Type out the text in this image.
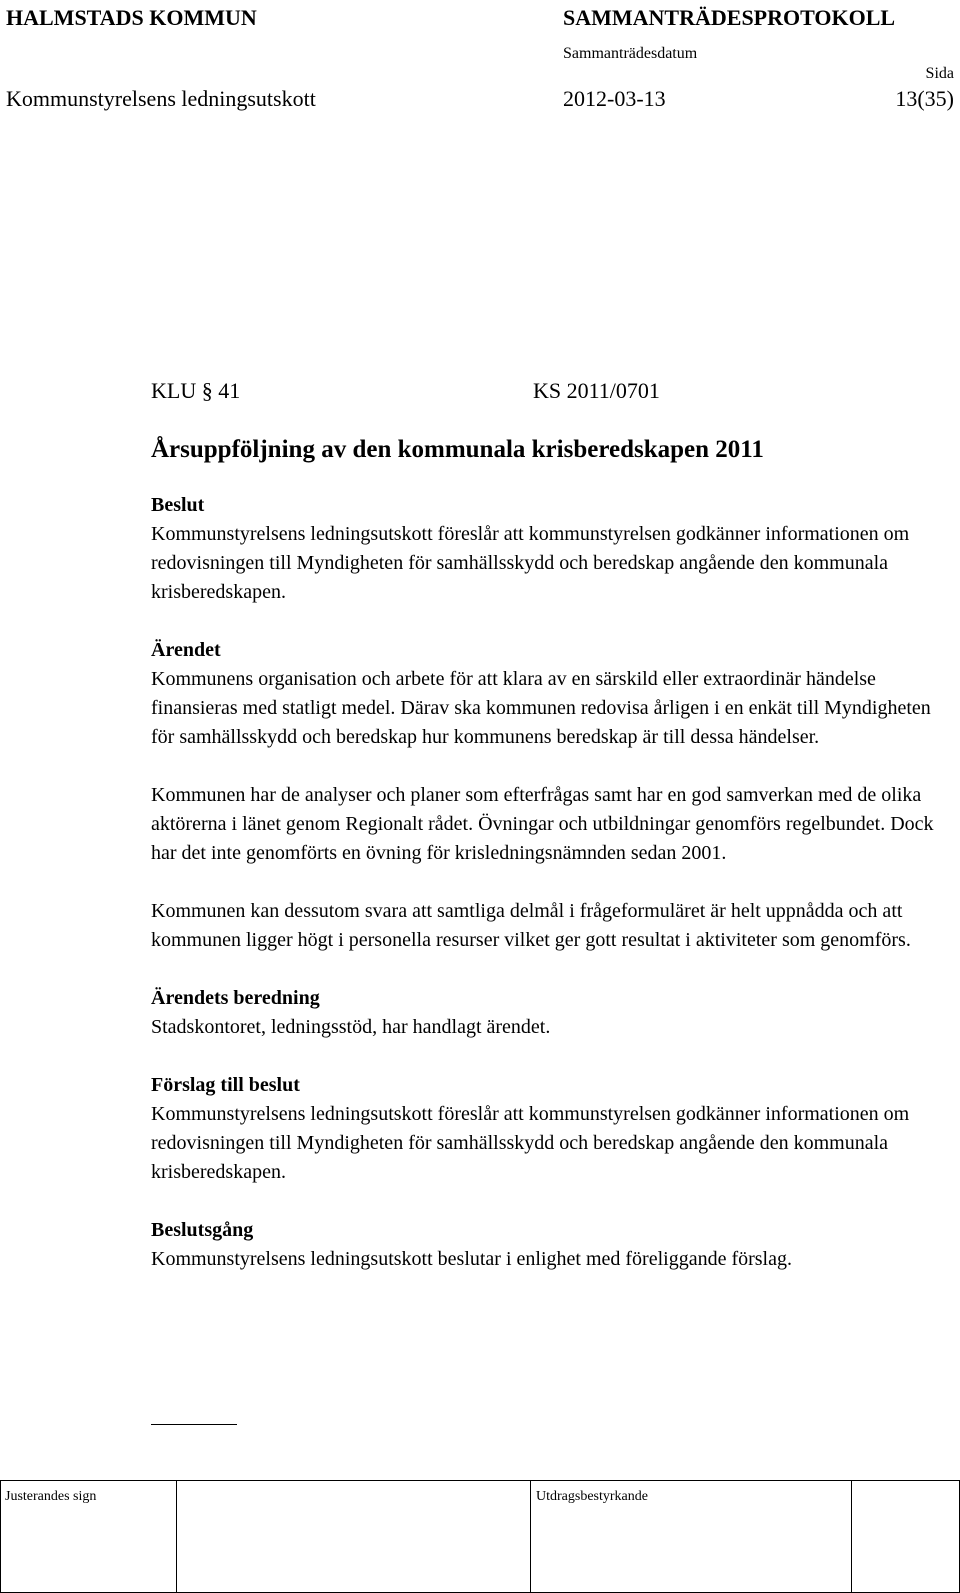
HALMSTADS KOMMUN	SAMMANTRÄDESPROTOKOLL
Sammanträdesdatum
Sida
Kommunstyrelsens ledningsutskott	2012-03-13	13(35)
KLU § 41	KS 2011/0701
Årsuppföljning av den kommunala krisberedskapen 2011
Beslut

Kommunstyrelsens ledningsutskott föreslår att kommunstyrelsen godkänner informationen om redovisningen till Myndigheten för samhällsskydd och beredskap angående den kommunala krisberedskapen.

Ärendet

Kommunens organisation och arbete för att klara av en särskild eller extraordinär händelse finansieras med statligt medel. Därav ska kommunen redovisa årligen i en enkät till Myndigheten för samhällsskydd och beredskap hur kommunens beredskap är till dessa händelser.

Kommunen har de analyser och planer som efterfrågas samt har en god samverkan med de olika aktörerna i länet genom Regionalt rådet. Övningar och utbildningar genomförs regelbundet. Dock har det inte genomförts en övning för krisledningsnämnden sedan 2001.

Kommunen kan dessutom svara att samtliga delmål i frågeformuläret är helt uppnådda och att kommunen ligger högt i personella resurser vilket ger gott resultat i aktiviteter som genomförs.

Ärendets beredning

Stadskontoret, ledningsstöd, har handlagt ärendet.

Förslag till beslut

Kommunstyrelsens ledningsutskott föreslår att kommunstyrelsen godkänner informationen om redovisningen till Myndigheten för samhällsskydd och beredskap angående den kommunala krisberedskapen.

Beslutsgång

Kommunstyrelsens ledningsutskott beslutar i enlighet med föreliggande förslag.

Justerandes sign	Utdragsbestyrkande
